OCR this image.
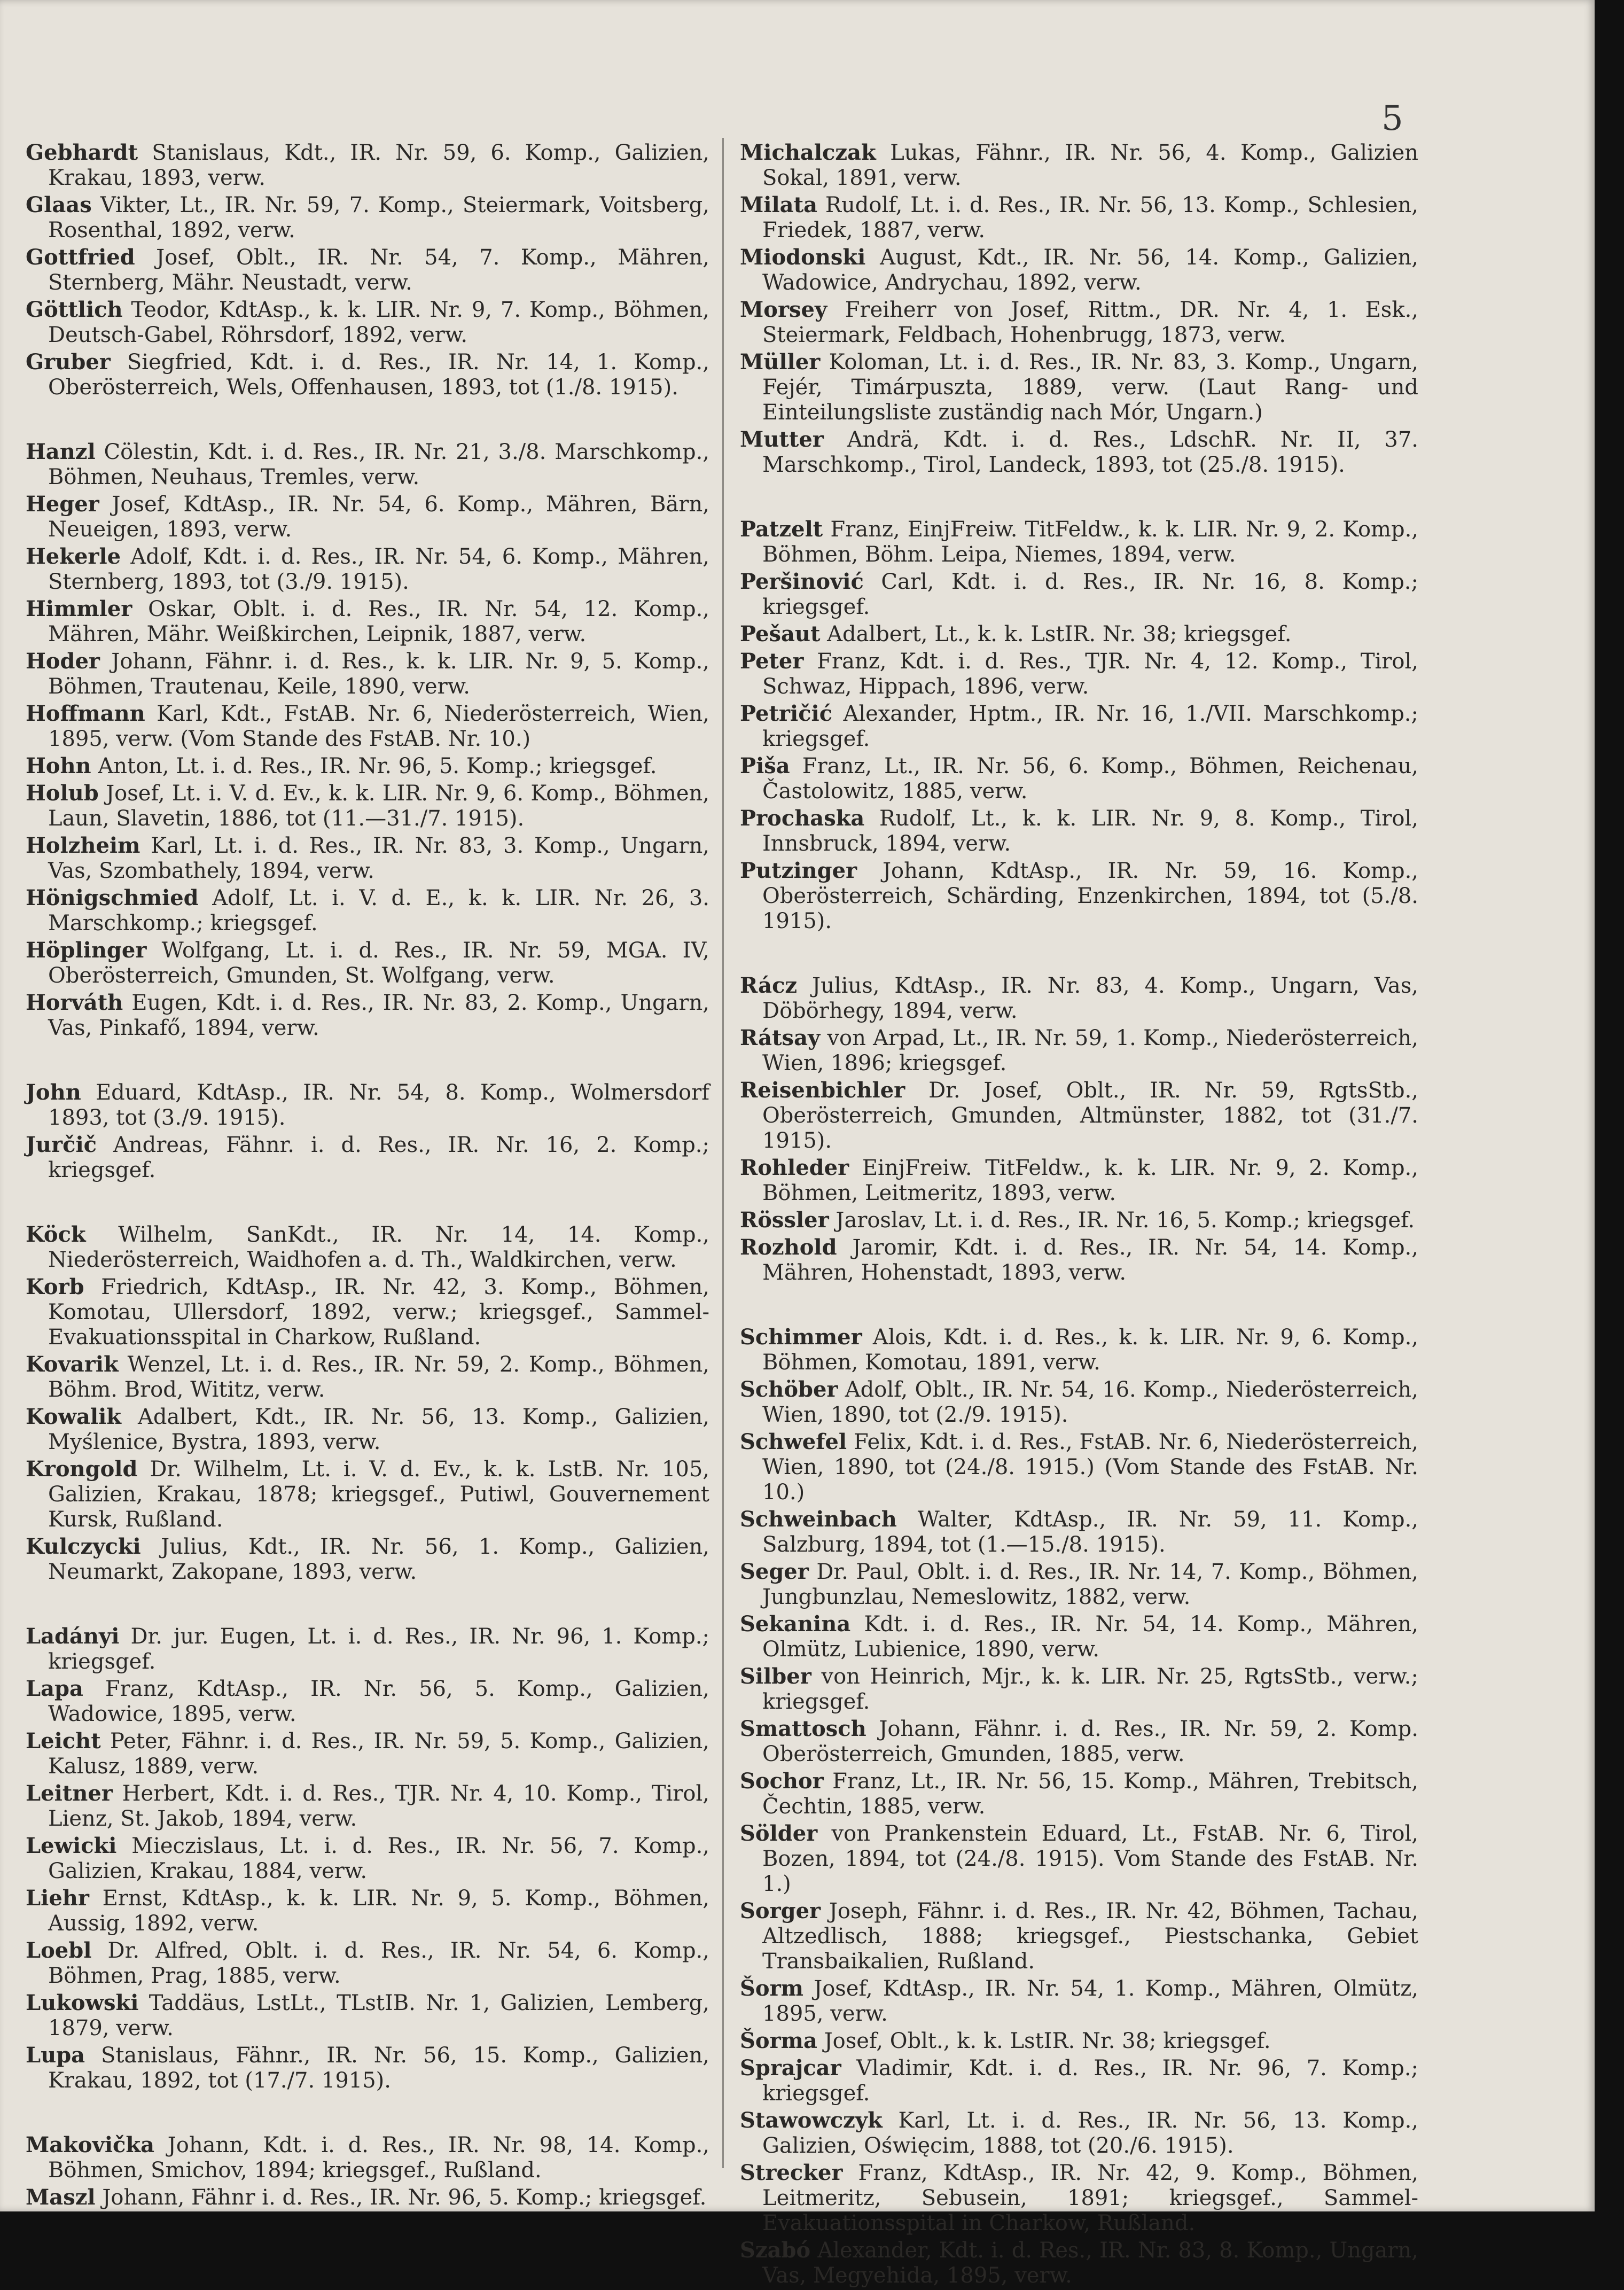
5

Gebhardt Stanislaus, Kdt., IR. Nr. 59, 6. Komp., Galizien, Krakau, 1893, verw.

Glaas Vikter, Lt., IR. Nr. 59, 7. Komp., Steiermark, Voitsberg, Rosenthal, 1892, verw.

Gottfried Josef, Oblt., IR. Nr. 54, 7. Komp., Mähren, Sternberg, Mähr. Neustadt, verw.

Göttlich Teodor, KdtAsp., k. k. LIR. Nr. 9, 7. Komp., Böhmen, Deutsch-Gabel, Röhrsdorf, 1892, verw.

Gruber Siegfried, Kdt. i. d. Res., IR. Nr. 14, 1. Komp., Oberösterreich, Wels, Offenhausen, 1893, tot (1./8. 1915).

Hanzl Cölestin, Kdt. i. d. Res., IR. Nr. 21, 3./8. Marschkomp., Böhmen, Neuhaus, Tremles, verw.

Heger Josef, KdtAsp., IR. Nr. 54, 6. Komp., Mähren, Bärn, Neueigen, 1893, verw.

Hekerle Adolf, Kdt. i. d. Res., IR. Nr. 54, 6. Komp., Mähren, Sternberg, 1893, tot (3./9. 1915).

Himmler Oskar, Oblt. i. d. Res., IR. Nr. 54, 12. Komp., Mähren, Mähr. Weißkirchen, Leipnik, 1887, verw.

Hoder Johann, Fähnr. i. d. Res., k. k. LIR. Nr. 9, 5. Komp., Böhmen, Trautenau, Keile, 1890, verw.

Hoffmann Karl, Kdt., FstAB. Nr. 6, Niederösterreich, Wien, 1895, verw. (Vom Stande des FstAB. Nr. 10.)

Hohn Anton, Lt. i. d. Res., IR. Nr. 96, 5. Komp.; kriegsgef.

Holub Josef, Lt. i. V. d. Ev., k. k. LIR. Nr. 9, 6. Komp., Böhmen, Laun, Slavetin, 1886, tot (11.—31./7. 1915).

Holzheim Karl, Lt. i. d. Res., IR. Nr. 83, 3. Komp., Ungarn, Vas, Szombathely, 1894, verw.

Hönigschmied Adolf, Lt. i. V. d. E., k. k. LIR. Nr. 26, 3. Marschkomp.; kriegsgef.

Höplinger Wolfgang, Lt. i. d. Res., IR. Nr. 59, MGA. IV, Oberösterreich, Gmunden, St. Wolfgang, verw.

Horváth Eugen, Kdt. i. d. Res., IR. Nr. 83, 2. Komp., Ungarn, Vas, Pinkafő, 1894, verw.

John Eduard, KdtAsp., IR. Nr. 54, 8. Komp., Wolmersdorf 1893, tot (3./9. 1915).

Jurčič Andreas, Fähnr. i. d. Res., IR. Nr. 16, 2. Komp.; kriegsgef.

Köck Wilhelm, SanKdt., IR. Nr. 14, 14. Komp., Niederösterreich, Waidhofen a. d. Th., Waldkirchen, verw.

Korb Friedrich, KdtAsp., IR. Nr. 42, 3. Komp., Böhmen, Komotau, Ullersdorf, 1892, verw.; kriegsgef., Sammel-Evakuationsspital in Charkow, Rußland.

Kovarik Wenzel, Lt. i. d. Res., IR. Nr. 59, 2. Komp., Böhmen, Böhm. Brod, Wititz, verw.

Kowalik Adalbert, Kdt., IR. Nr. 56, 13. Komp., Galizien, Myślenice, Bystra, 1893, verw.

Krongold Dr. Wilhelm, Lt. i. V. d. Ev., k. k. LstB. Nr. 105, Galizien, Krakau, 1878; kriegsgef., Putiwl, Gouvernement Kursk, Rußland.

Kulczycki Julius, Kdt., IR. Nr. 56, 1. Komp., Galizien, Neumarkt, Zakopane, 1893, verw.

Ladányi Dr. jur. Eugen, Lt. i. d. Res., IR. Nr. 96, 1. Komp.; kriegsgef.

Lapa Franz, KdtAsp., IR. Nr. 56, 5. Komp., Galizien, Wadowice, 1895, verw.

Leicht Peter, Fähnr. i. d. Res., IR. Nr. 59, 5. Komp., Galizien, Kalusz, 1889, verw.

Leitner Herbert, Kdt. i. d. Res., TJR. Nr. 4, 10. Komp., Tirol, Lienz, St. Jakob, 1894, verw.

Lewicki Mieczislaus, Lt. i. d. Res., IR. Nr. 56, 7. Komp., Galizien, Krakau, 1884, verw.

Liehr Ernst, KdtAsp., k. k. LIR. Nr. 9, 5. Komp., Böhmen, Aussig, 1892, verw.

Loebl Dr. Alfred, Oblt. i. d. Res., IR. Nr. 54, 6. Komp., Böhmen, Prag, 1885, verw.

Lukowski Taddäus, LstLt., TLstIB. Nr. 1, Galizien, Lemberg, 1879, verw.

Lupa Stanislaus, Fähnr., IR. Nr. 56, 15. Komp., Galizien, Krakau, 1892, tot (17./7. 1915).

Makovička Johann, Kdt. i. d. Res., IR. Nr. 98, 14. Komp., Böhmen, Smichov, 1894; kriegsgef., Rußland.

Maszl Johann, Fähnr i. d. Res., IR. Nr. 96, 5. Komp.; kriegsgef.

Michalczak Lukas, Fähnr., IR. Nr. 56, 4. Komp., Galizien Sokal, 1891, verw.

Milata Rudolf, Lt. i. d. Res., IR. Nr. 56, 13. Komp., Schlesien, Friedek, 1887, verw.

Miodonski August, Kdt., IR. Nr. 56, 14. Komp., Galizien, Wadowice, Andrychau, 1892, verw.

Morsey Freiherr von Josef, Rittm., DR. Nr. 4, 1. Esk., Steiermark, Feldbach, Hohenbrugg, 1873, verw.

Müller Koloman, Lt. i. d. Res., IR. Nr. 83, 3. Komp., Ungarn, Fejér, Timárpuszta, 1889, verw. (Laut Rang- und Einteilungsliste zuständig nach Mór, Ungarn.)

Mutter Andrä, Kdt. i. d. Res., LdschR. Nr. II, 37. Marschkomp., Tirol, Landeck, 1893, tot (25./8. 1915).

Patzelt Franz, EinjFreiw. TitFeldw., k. k. LIR. Nr. 9, 2. Komp., Böhmen, Böhm. Leipa, Niemes, 1894, verw.

Peršinović Carl, Kdt. i. d. Res., IR. Nr. 16, 8. Komp.; kriegsgef.

Pešaut Adalbert, Lt., k. k. LstIR. Nr. 38; kriegsgef.

Peter Franz, Kdt. i. d. Res., TJR. Nr. 4, 12. Komp., Tirol, Schwaz, Hippach, 1896, verw.

Petričić Alexander, Hptm., IR. Nr. 16, 1./VII. Marschkomp.; kriegsgef.

Piša Franz, Lt., IR. Nr. 56, 6. Komp., Böhmen, Reichenau, Častolowitz, 1885, verw.

Prochaska Rudolf, Lt., k. k. LIR. Nr. 9, 8. Komp., Tirol, Innsbruck, 1894, verw.

Putzinger Johann, KdtAsp., IR. Nr. 59, 16. Komp., Oberösterreich, Schärding, Enzenkirchen, 1894, tot (5./8. 1915).

Rácz Julius, KdtAsp., IR. Nr. 83, 4. Komp., Ungarn, Vas, Döbörhegy, 1894, verw.

Rátsay von Arpad, Lt., IR. Nr. 59, 1. Komp., Niederösterreich, Wien, 1896; kriegsgef.

Reisenbichler Dr. Josef, Oblt., IR. Nr. 59, RgtsStb., Oberösterreich, Gmunden, Altmünster, 1882, tot (31./7. 1915).

Rohleder EinjFreiw. TitFeldw., k. k. LIR. Nr. 9, 2. Komp., Böhmen, Leitmeritz, 1893, verw.

Rössler Jaroslav, Lt. i. d. Res., IR. Nr. 16, 5. Komp.; kriegsgef.

Rozhold Jaromir, Kdt. i. d. Res., IR. Nr. 54, 14. Komp., Mähren, Hohenstadt, 1893, verw.

Schimmer Alois, Kdt. i. d. Res., k. k. LIR. Nr. 9, 6. Komp., Böhmen, Komotau, 1891, verw.

Schöber Adolf, Oblt., IR. Nr. 54, 16. Komp., Niederösterreich, Wien, 1890, tot (2./9. 1915).

Schwefel Felix, Kdt. i. d. Res., FstAB. Nr. 6, Niederösterreich, Wien, 1890, tot (24./8. 1915.) (Vom Stande des FstAB. Nr. 10.)

Schweinbach Walter, KdtAsp., IR. Nr. 59, 11. Komp., Salzburg, 1894, tot (1.—15./8. 1915).

Seger Dr. Paul, Oblt. i. d. Res., IR. Nr. 14, 7. Komp., Böhmen, Jungbunzlau, Nemeslowitz, 1882, verw.

Sekanina Kdt. i. d. Res., IR. Nr. 54, 14. Komp., Mähren, Olmütz, Lubienice, 1890, verw.

Silber von Heinrich, Mjr., k. k. LIR. Nr. 25, RgtsStb., verw.; kriegsgef.

Smattosch Johann, Fähnr. i. d. Res., IR. Nr. 59, 2. Komp. Oberösterreich, Gmunden, 1885, verw.

Sochor Franz, Lt., IR. Nr. 56, 15. Komp., Mähren, Trebitsch, Čechtin, 1885, verw.

Sölder von Prankenstein Eduard, Lt., FstAB. Nr. 6, Tirol, Bozen, 1894, tot (24./8. 1915). Vom Stande des FstAB. Nr. 1.)

Sorger Joseph, Fähnr. i. d. Res., IR. Nr. 42, Böhmen, Tachau, Altzedlisch, 1888; kriegsgef., Piestschanka, Gebiet Transbaikalien, Rußland.

Šorm Josef, KdtAsp., IR. Nr. 54, 1. Komp., Mähren, Olmütz, 1895, verw.

Šorma Josef, Oblt., k. k. LstIR. Nr. 38; kriegsgef.

Sprajcar Vladimir, Kdt. i. d. Res., IR. Nr. 96, 7. Komp.; kriegsgef.

Stawowczyk Karl, Lt. i. d. Res., IR. Nr. 56, 13. Komp., Galizien, Oświęcim, 1888, tot (20./6. 1915).

Strecker Franz, KdtAsp., IR. Nr. 42, 9. Komp., Böhmen, Leitmeritz, Sebusein, 1891; kriegsgef., Sammel-Evakuationsspital in Charkow, Rußland.

Szabó Alexander, Kdt. i. d. Res., IR. Nr. 83, 8. Komp., Ungarn, Vas, Megyehida, 1895, verw.
